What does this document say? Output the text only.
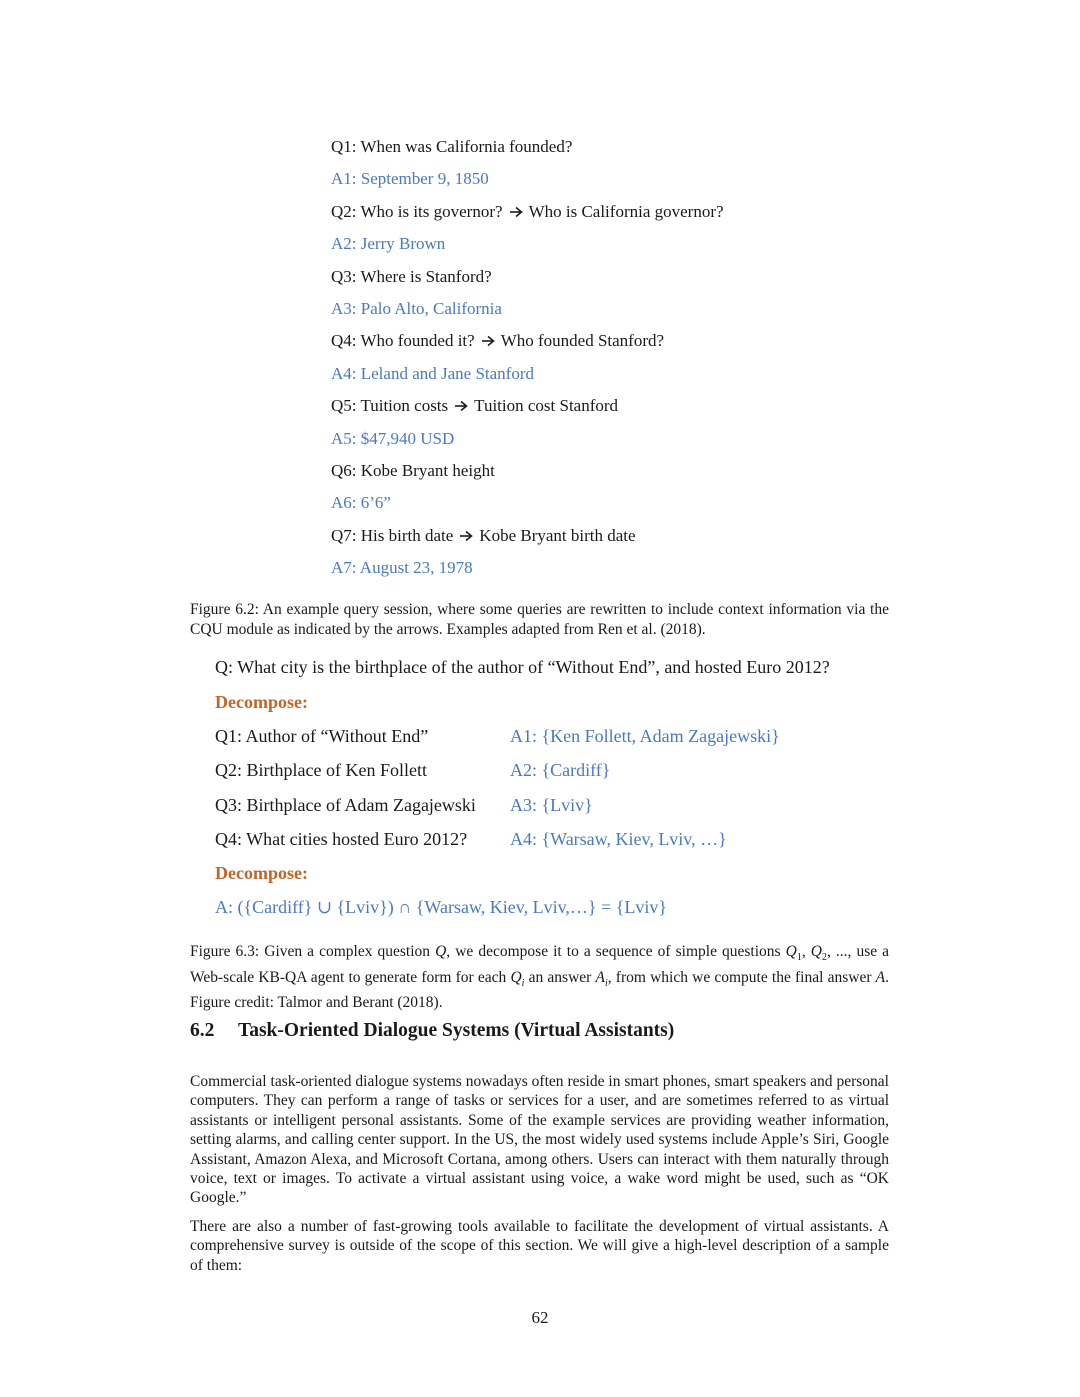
Q1: When was California founded?
A1: September 9, 1850
Q2: Who is its governor? Who is California governor?
A2: Jerry Brown
Q3: Where is Stanford?
A3: Palo Alto, California
Q4: Who founded it? Who founded Stanford?
A4: Leland and Jane Stanford
Q5: Tuition costs Tuition cost Stanford
A5: $47,940 USD
Q6: Kobe Bryant height
A6: 6’6”
Q7: His birth date Kobe Bryant birth date
A7: August 23, 1978
Figure 6.2: An example query session, where some queries are rewritten to include context information via the CQU module as indicated by the arrows. Examples adapted from Ren et al. (2018).
Q: What city is the birthplace of the author of “Without End”, and hosted Euro 2012?
Decompose:
Q1: Author of “Without End”	A1: {Ken Follett, Adam Zagajewski}
Q2: Birthplace of Ken Follett	A2: {Cardiff}
Q3: Birthplace of Adam Zagajewski A3: {Lviv}
Q4: What cities hosted Euro 2012? A4: {Warsaw, Kiev, Lviv, …}
Decompose:
A: ({Cardiff} ∪ {Lviv}) ∩ {Warsaw, Kiev, Lviv,…} = {Lviv}
Figure 6.3: Given a complex question Q, we decompose it to a sequence of simple questions $Q_1$, $Q_2$, ..., use a Web-scale KB-QA agent to generate form for each $Q_i$ an answer $A_i$, from which we compute the final answer A. Figure credit: Talmor and Berant (2018).
6.2 Task-Oriented Dialogue Systems (Virtual Assistants)
Commercial task-oriented dialogue systems nowadays often reside in smart phones, smart speakers and personal computers. They can perform a range of tasks or services for a user, and are sometimes referred to as virtual assistants or intelligent personal assistants. Some of the example services are providing weather information, setting alarms, and calling center support. In the US, the most widely used systems include Apple’s Siri, Google Assistant, Amazon Alexa, and Microsoft Cortana, among others. Users can interact with them naturally through voice, text or images. To activate a virtual assistant using voice, a wake word might be used, such as “OK Google.”
There are also a number of fast-growing tools available to facilitate the development of virtual assistants. A comprehensive survey is outside of the scope of this section. We will give a high-level description of a sample of them:
62
